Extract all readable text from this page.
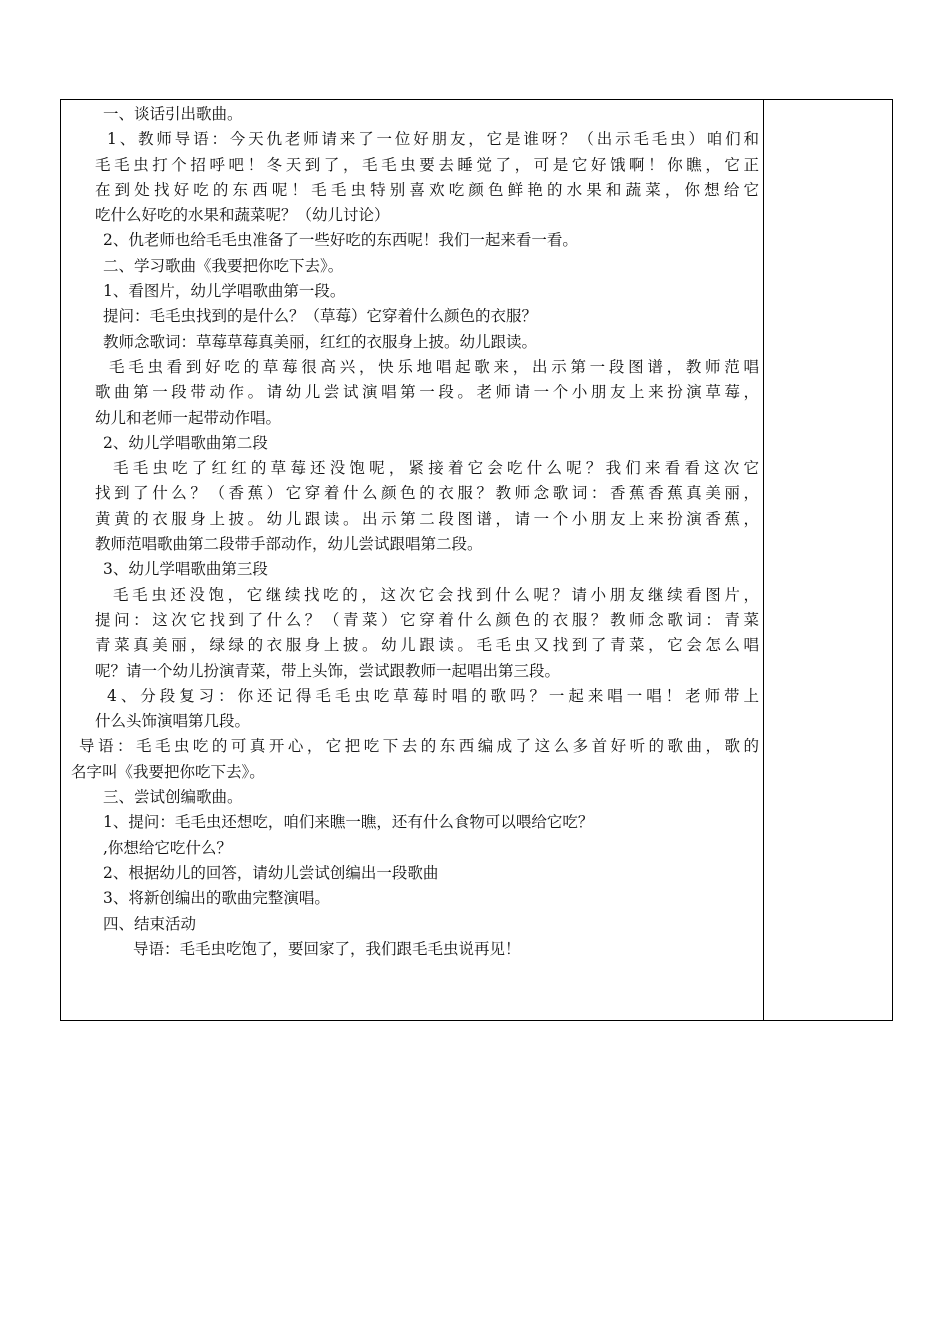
一、谈话引出歌曲。

1、教师导语：今天仇老师请来了一位好朋友，它是谁呀？（出示毛毛虫）咱们和

毛毛虫打个招呼吧！冬天到了，毛毛虫要去睡觉了，可是它好饿啊！你瞧，它正

在到处找好吃的东西呢！毛毛虫特别喜欢吃颜色鲜艳的水果和蔬菜，你想给它

吃什么好吃的水果和蔬菜呢？（幼儿讨论）

2、仇老师也给毛毛虫准备了一些好吃的东西呢！我们一起来看一看。

二、学习歌曲《我要把你吃下去》。

1、看图片，幼儿学唱歌曲第一段。

提问：毛毛虫找到的是什么？（草莓）它穿着什么颜色的衣服？

教师念歌词：草莓草莓真美丽，红红的衣服身上披。幼儿跟读。

毛毛虫看到好吃的草莓很高兴，快乐地唱起歌来，出示第一段图谱，教师范唱

歌曲第一段带动作。请幼儿尝试演唱第一段。老师请一个小朋友上来扮演草莓，

幼儿和老师一起带动作唱。

2、幼儿学唱歌曲第二段

毛毛虫吃了红红的草莓还没饱呢，紧接着它会吃什么呢？我们来看看这次它

找到了什么？（香蕉）它穿着什么颜色的衣服？教师念歌词：香蕉香蕉真美丽，

黄黄的衣服身上披。幼儿跟读。出示第二段图谱，请一个小朋友上来扮演香蕉，

教师范唱歌曲第二段带手部动作，幼儿尝试跟唱第二段。

3、幼儿学唱歌曲第三段

毛毛虫还没饱，它继续找吃的，这次它会找到什么呢？请小朋友继续看图片，

提问：这次它找到了什么？（青菜）它穿着什么颜色的衣服？教师念歌词：青菜

青菜真美丽，绿绿的衣服身上披。幼儿跟读。毛毛虫又找到了青菜，它会怎么唱

呢？请一个幼儿扮演青菜，带上头饰，尝试跟教师一起唱出第三段。

4、分段复习：你还记得毛毛虫吃草莓时唱的歌吗？一起来唱一唱！老师带上

什么头饰演唱第几段。

导语：毛毛虫吃的可真开心，它把吃下去的东西编成了这么多首好听的歌曲，歌的

名字叫《我要把你吃下去》。

三、尝试创编歌曲。

1、提问：毛毛虫还想吃，咱们来瞧一瞧，还有什么食物可以喂给它吃？

,你想给它吃什么？

2、根据幼儿的回答，请幼儿尝试创编出一段歌曲

3、将新创编出的歌曲完整演唱。

四、结束活动

导语：毛毛虫吃饱了，要回家了，我们跟毛毛虫说再见！
